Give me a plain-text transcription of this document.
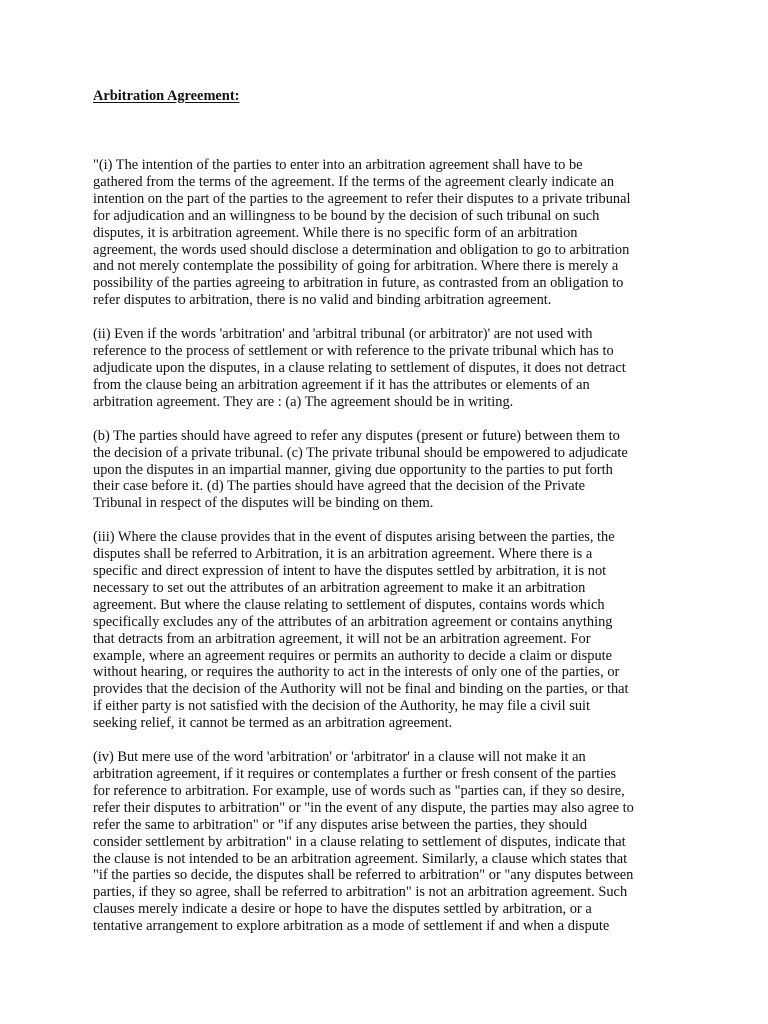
Arbitration Agreement:

"(i) The intention of the parties to enter into an arbitration agreement shall have to be
gathered from the terms of the agreement. If the terms of the agreement clearly indicate an
intention on the part of the parties to the agreement to refer their disputes to a private tribunal
for adjudication and an willingness to be bound by the decision of such tribunal on such
disputes, it is arbitration agreement. While there is no specific form of an arbitration
agreement, the words used should disclose a determination and obligation to go to arbitration
and not merely contemplate the possibility of going for arbitration. Where there is merely a
possibility of the parties agreeing to arbitration in future, as contrasted from an obligation to
refer disputes to arbitration, there is no valid and binding arbitration agreement.

(ii) Even if the words 'arbitration' and 'arbitral tribunal (or arbitrator)' are not used with
reference to the process of settlement or with reference to the private tribunal which has to
adjudicate upon the disputes, in a clause relating to settlement of disputes, it does not detract
from the clause being an arbitration agreement if it has the attributes or elements of an
arbitration agreement. They are : (a) The agreement should be in writing.

(b) The parties should have agreed to refer any disputes (present or future) between them to
the decision of a private tribunal. (c) The private tribunal should be empowered to adjudicate
upon the disputes in an impartial manner, giving due opportunity to the parties to put forth
their case before it. (d) The parties should have agreed that the decision of the Private
Tribunal in respect of the disputes will be binding on them.

(iii) Where the clause provides that in the event of disputes arising between the parties, the
disputes shall be referred to Arbitration, it is an arbitration agreement. Where there is a
specific and direct expression of intent to have the disputes settled by arbitration, it is not
necessary to set out the attributes of an arbitration agreement to make it an arbitration
agreement. But where the clause relating to settlement of disputes, contains words which
specifically excludes any of the attributes of an arbitration agreement or contains anything
that detracts from an arbitration agreement, it will not be an arbitration agreement. For
example, where an agreement requires or permits an authority to decide a claim or dispute
without hearing, or requires the authority to act in the interests of only one of the parties, or
provides that the decision of the Authority will not be final and binding on the parties, or that
if either party is not satisfied with the decision of the Authority, he may file a civil suit
seeking relief, it cannot be termed as an arbitration agreement.

(iv) But mere use of the word 'arbitration' or 'arbitrator' in a clause will not make it an
arbitration agreement, if it requires or contemplates a further or fresh consent of the parties
for reference to arbitration. For example, use of words such as "parties can, if they so desire,
refer their disputes to arbitration" or "in the event of any dispute, the parties may also agree to
refer the same to arbitration" or "if any disputes arise between the parties, they should
consider settlement by arbitration" in a clause relating to settlement of disputes, indicate that
the clause is not intended to be an arbitration agreement. Similarly, a clause which states that
"if the parties so decide, the disputes shall be referred to arbitration" or "any disputes between
parties, if they so agree, shall be referred to arbitration" is not an arbitration agreement. Such
clauses merely indicate a desire or hope to have the disputes settled by arbitration, or a
tentative arrangement to explore arbitration as a mode of settlement if and when a dispute
